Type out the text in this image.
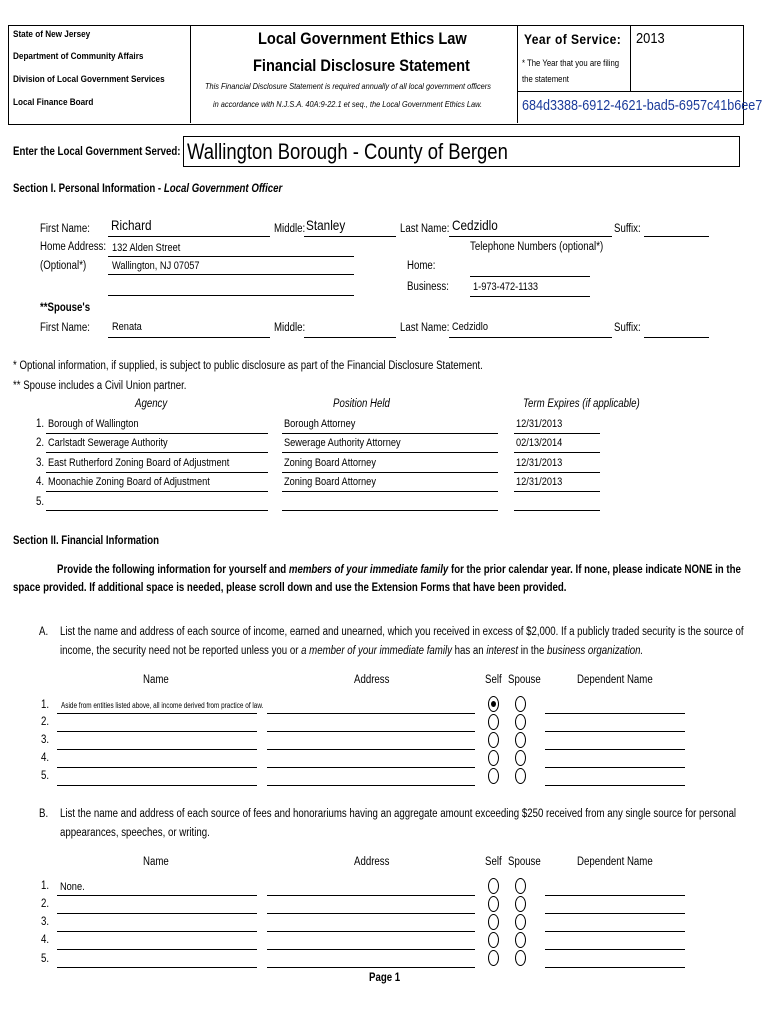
State of New Jersey
Department of Community Affairs
Division of Local Government Services
Local Finance Board
Local Government Ethics Law
Financial Disclosure Statement
This Financial Disclosure Statement is required annually of all local government officers
in accordance with N.J.S.A. 40A:9-22.1 et seq., the Local Government Ethics Law.
Year of Service: 2013
* The Year that you are filing
the statement
684d3388-6912-4621-bad5-6957c41b6ee7
Enter the Local Government Served: Wallington Borough - County of Bergen
Section I. Personal Information - Local Government Officer
First Name: Richard	Middle: Stanley	Last Name: Cedzidlo	Suffix:
Home Address: 132 Alden Street	Telephone Numbers (optional*)
(Optional*) Wallington, NJ 07057	Home:
Business: 1-973-472-1133
**Spouse's
First Name: Renata	Middle:	Last Name: Cedzidlo	Suffix:
* Optional information, if supplied, is subject to public disclosure as part of the Financial Disclosure Statement.
** Spouse includes a Civil Union partner.
Agency	Position Held	Term Expires (if applicable)
1. Borough of Wallington	Borough Attorney	12/31/2013
2. Carlstadt Sewerage Authority	Sewerage Authority Attorney	02/13/2014
3. East Rutherford Zoning Board of Adjustment	Zoning Board Attorney	12/31/2013
4. Moonachie Zoning Board of Adjustment	Zoning Board Attorney	12/31/2013
5.
Section II. Financial Information
Provide the following information for yourself and members of your immediate family for the prior calendar year. If none, please indicate NONE in the
space provided. If additional space is needed, please scroll down and use the Extension Forms that have been provided.
A. List the name and address of each source of income, earned and unearned, which you received in excess of $2,000. If a publicly traded security is the source of
income, the security need not be reported unless you or a member of your immediate family has an interest in the business organization.
Name	Address	Self Spouse	Dependent Name
1. Aside from entities listed above, all income derived from practice of law.
2.
3.
4.
5.
B. List the name and address of each source of fees and honorariums having an aggregate amount exceeding $250 received from any single source for personal
appearances, speeches, or writing.
Name	Address	Self Spouse	Dependent Name
1. None.
2.
3.
4.
5.
Page 1
